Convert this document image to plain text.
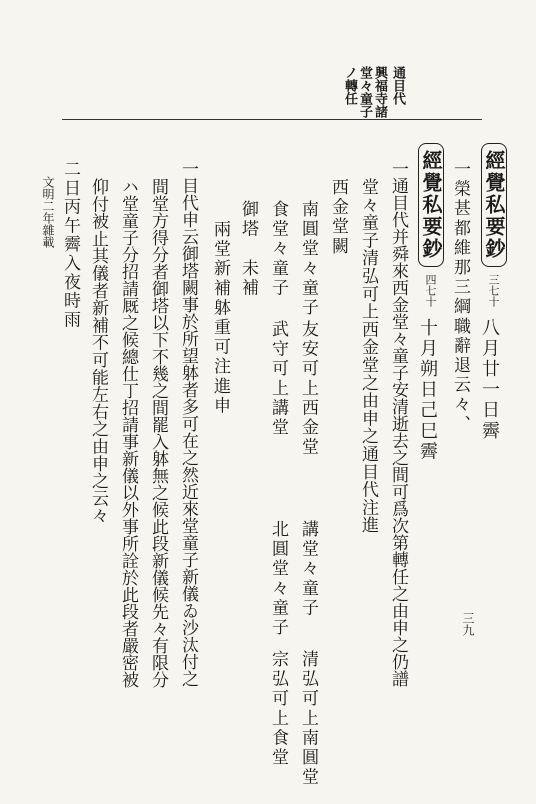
通目代
興福寺諸
堂々童子
ノ轉任
經覺私要鈔
三七十
八月廿一日霽
一榮甚都維那三綱職辭退云々、
經覺私要鈔
四七十
十月朔日己巳霽
一通目代并舜來西金堂々童子安清逝去之間可爲次第轉任之由申之仍譜
堂々童子清弘可上西金堂之由申之通目代注進
西金堂闕
南圓堂々童子
友安可上西金堂
講堂々童子
清弘可上南圓堂
食堂々童子
武守可上講堂
北圓堂々童子
宗弘可上食堂
御塔　未補
兩堂新補躰重可注進申
一目代申云御塔闕事於所望躰者多可在之然近來堂童子新儀ゐ沙汰付之
間堂方得分者御塔以下不幾之間罷入躰無之候此段新儀候先々有限分
ハ堂童子分招請厩之候總仕丁招請事新儀以外事所詮於此段者嚴密被
仰付被止其儀者新補不可能左右之由申之云々
二日丙午霽入夜時雨
文明二年雜載
三九
